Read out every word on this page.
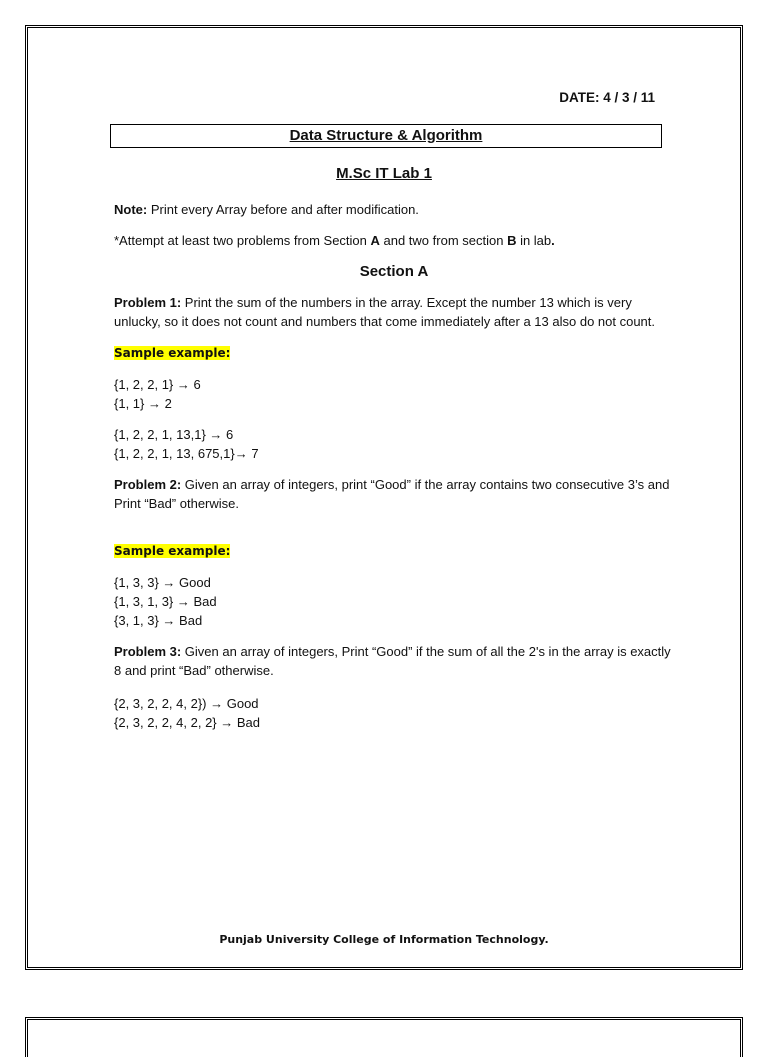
DATE: 4 / 3 / 11
Data Structure & Algorithm
M.Sc IT Lab 1

Note: Print every Array before and after modification.

*Attempt at least two problems from Section A and two from section B in lab.

Section A

Problem 1: Print the sum of the numbers in the array. Except the number 13 which is very unlucky, so it does not count and numbers that come immediately after a 13 also do not count.

Sample example:

{1, 2, 2, 1} → 6

{1, 1} → 2

{1, 2, 2, 1, 13,1} → 6

{1, 2, 2, 1, 13, 675,1}→ 7

Problem 2: Given an array of integers, print “Good” if the array contains two consecutive 3’s and Print “Bad” otherwise.

Sample example:

{1, 3, 3} → Good

{1, 3, 1, 3} → Bad

{3, 1, 3} → Bad

Problem 3: Given an array of integers, Print “Good” if the sum of all the 2's in the array is exactly 8 and print “Bad” otherwise.

{2, 3, 2, 2, 4, 2}) → Good

{2, 3, 2, 2, 4, 2, 2} → Bad

Punjab University College of Information Technology.
